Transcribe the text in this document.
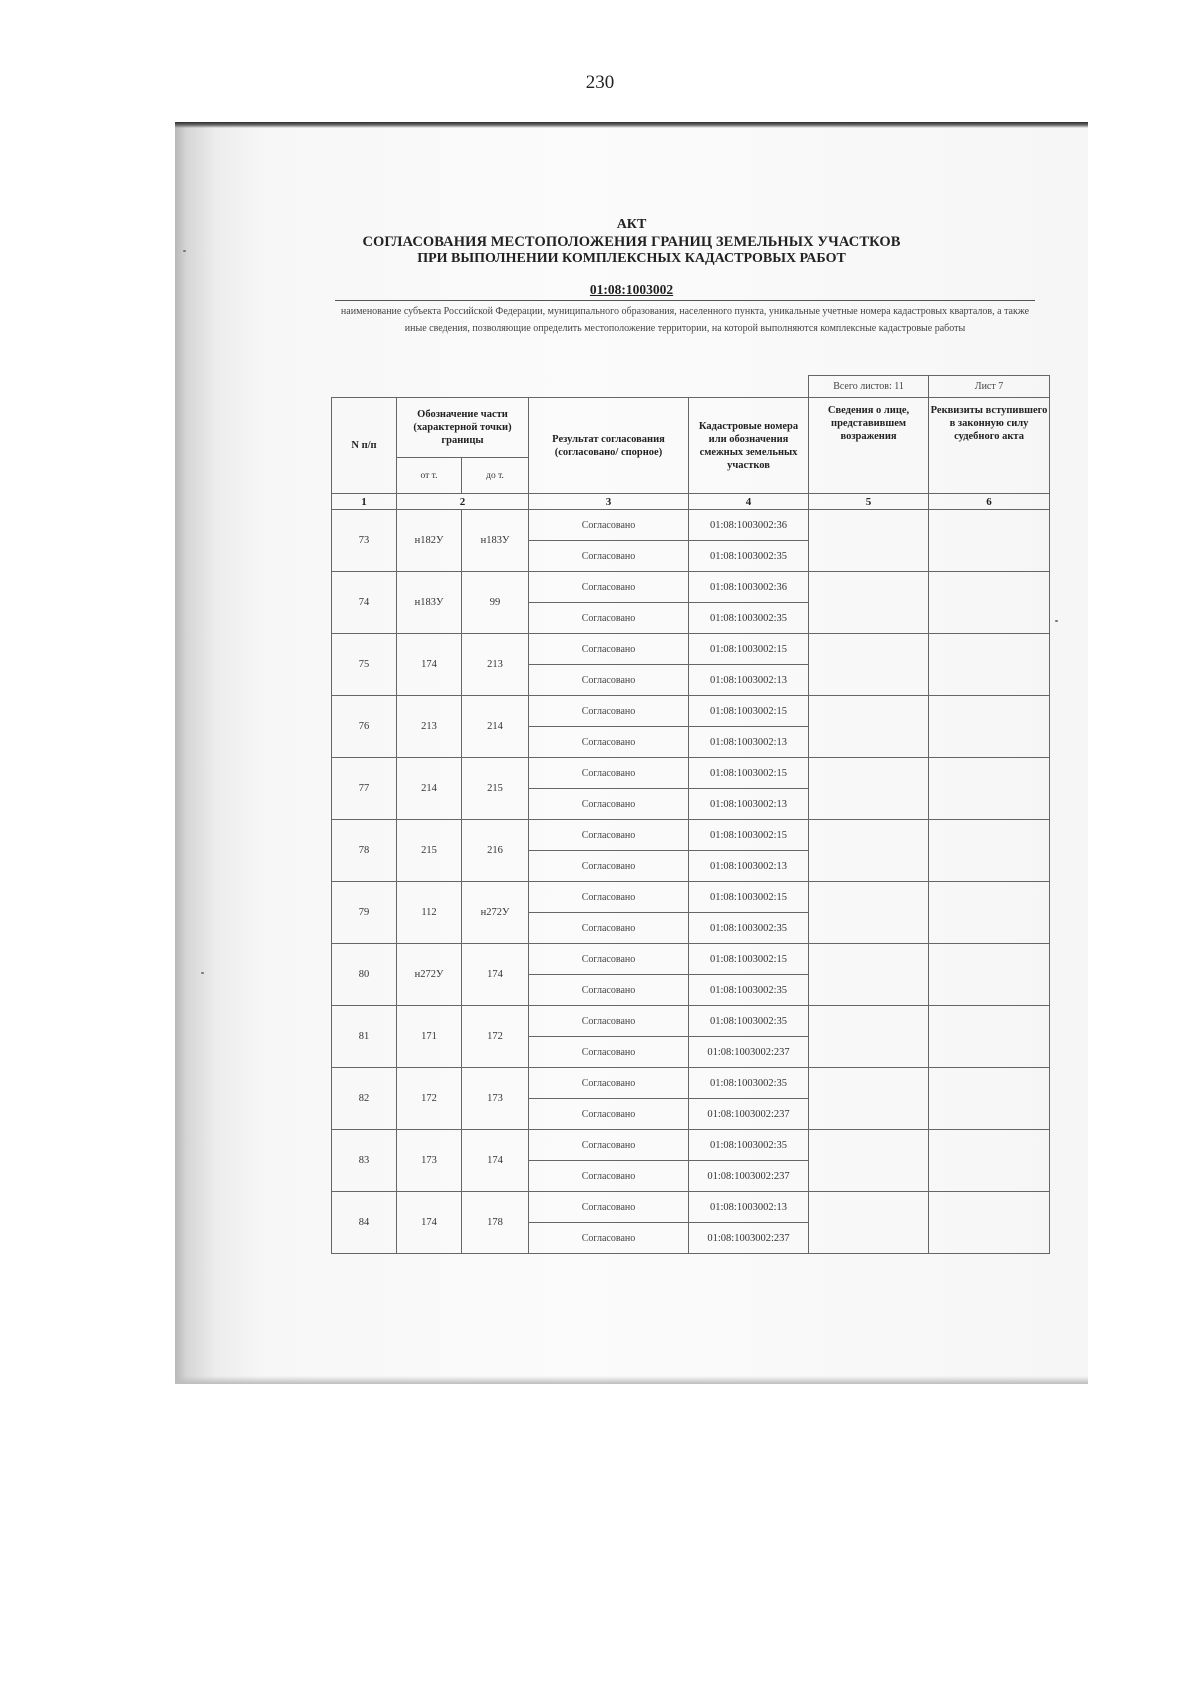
230
АКТ
СОГЛАСОВАНИЯ МЕСТОПОЛОЖЕНИЯ ГРАНИЦ ЗЕМЕЛЬНЫХ УЧАСТКОВ
ПРИ ВЫПОЛНЕНИИ КОМПЛЕКСНЫХ КАДАСТРОВЫХ РАБОТ
01:08:1003002
наименование субъекта Российской Федерации, муниципального образования, населенного пункта, уникальные учетные номера кадастровых кварталов, а также иные сведения, позволяющие определить местоположение территории, на которой выполняются комплексные кадастровые работы
					Всего листов: 11	Лист 7
N п/п	Обозначение части (характерной точки) границы		Результат согласования (согласовано/ спорное)	Кадастровые номера или обозначения смежных земельных участков	Сведения о лице, представившем возражения	Реквизиты вступившего в законную силу судебного акта
	от т.	до т.				
1	2		3	4	5	6
73	н182У	н183У	Согласовано	01:08:1003002:36		
			Согласовано	01:08:1003002:35		
74	н183У	99	Согласовано	01:08:1003002:36		
			Согласовано	01:08:1003002:35		
75	174	213	Согласовано	01:08:1003002:15		
			Согласовано	01:08:1003002:13		
76	213	214	Согласовано	01:08:1003002:15		
			Согласовано	01:08:1003002:13		
77	214	215	Согласовано	01:08:1003002:15		
			Согласовано	01:08:1003002:13		
78	215	216	Согласовано	01:08:1003002:15		
			Согласовано	01:08:1003002:13		
79	112	н272У	Согласовано	01:08:1003002:15		
			Согласовано	01:08:1003002:35		
80	н272У	174	Согласовано	01:08:1003002:15		
			Согласовано	01:08:1003002:35		
81	171	172	Согласовано	01:08:1003002:35		
			Согласовано	01:08:1003002:237		
82	172	173	Согласовано	01:08:1003002:35		
			Согласовано	01:08:1003002:237		
83	173	174	Согласовано	01:08:1003002:35		
			Согласовано	01:08:1003002:237		
84	174	178	Согласовано	01:08:1003002:13		
			Согласовано	01:08:1003002:237		
